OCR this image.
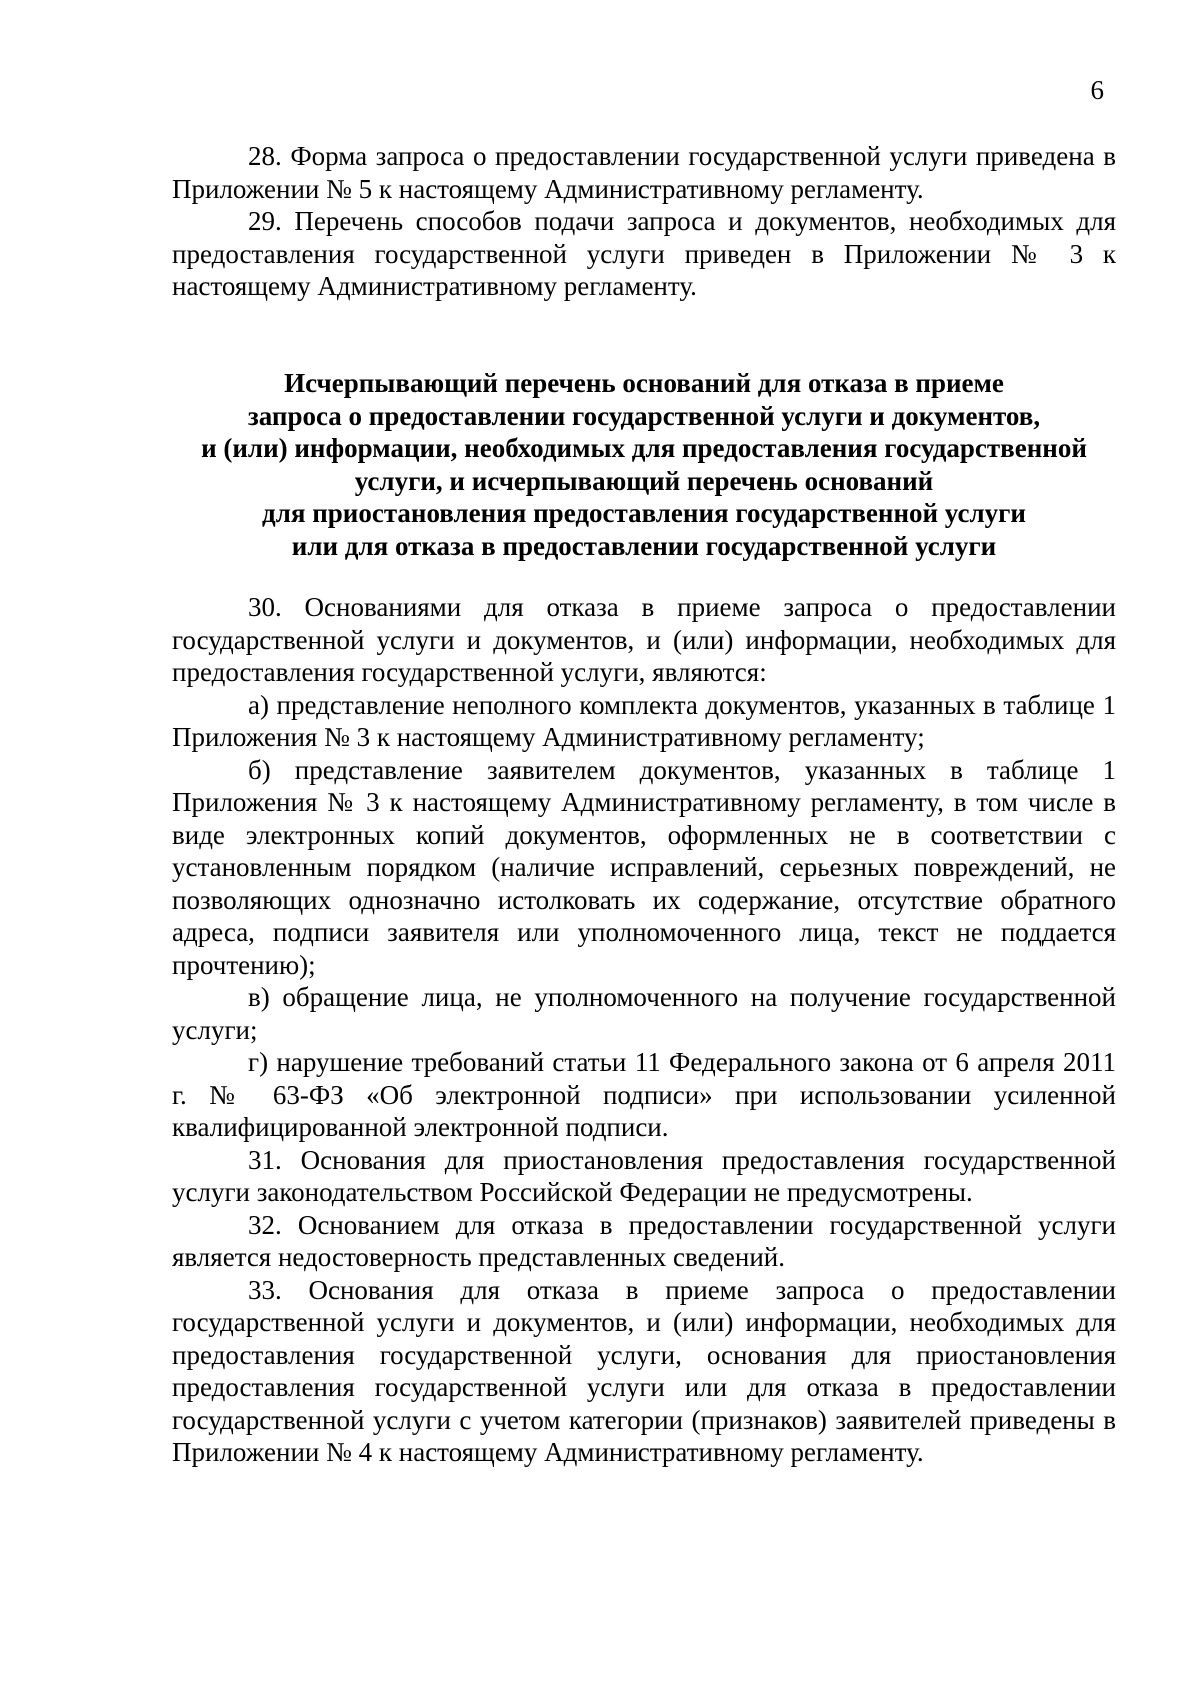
6

28. Форма запроса о предоставлении государственной услуги приведена в Приложении № 5 к настоящему Административному регламенту.

29. Перечень способов подачи запроса и документов, необходимых для предоставления государственной услуги приведен в Приложении № 3 к настоящему Административному регламенту.

Исчерпывающий перечень оснований для отказа в приеме
запроса о предоставлении государственной услуги и документов,
и (или) информации, необходимых для предоставления государственной
услуги, и исчерпывающий перечень оснований
для приостановления предоставления государственной услуги
или для отказа в предоставлении государственной услуги

30. Основаниями для отказа в приеме запроса о предоставлении государственной услуги и документов, и (или) информации, необходимых для предоставления государственной услуги, являются:

а) представление неполного комплекта документов, указанных в таблице 1 Приложения № 3 к настоящему Административному регламенту;

б) представление заявителем документов, указанных в таблице 1 Приложения № 3 к настоящему Административному регламенту, в том числе в виде электронных копий документов, оформленных не в соответствии с установленным порядком (наличие исправлений, серьезных повреждений, не позволяющих однозначно истолковать их содержание, отсутствие обратного адреса, подписи заявителя или уполномоченного лица, текст не поддается прочтению);

в) обращение лица, не уполномоченного на получение государственной услуги;

г) нарушение требований статьи 11 Федерального закона от 6 апреля 2011 г. № 63-ФЗ «Об электронной подписи» при использовании усиленной квалифицированной электронной подписи.

31. Основания для приостановления предоставления государственной услуги законодательством Российской Федерации не предусмотрены.

32. Основанием для отказа в предоставлении государственной услуги является недостоверность представленных сведений.

33. Основания для отказа в приеме запроса о предоставлении государственной услуги и документов, и (или) информации, необходимых для предоставления государственной услуги, основания для приостановления предоставления государственной услуги или для отказа в предоставлении государственной услуги с учетом категории (признаков) заявителей приведены в Приложении № 4 к настоящему Административному регламенту.
